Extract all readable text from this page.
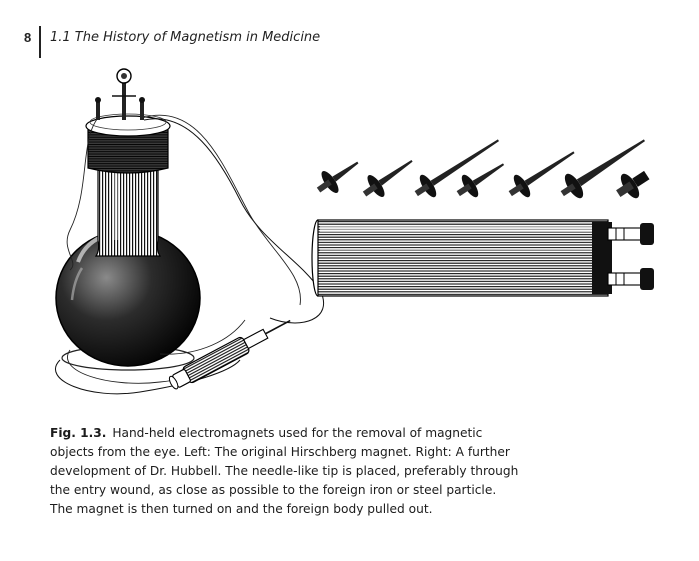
8 1.1 The History of Magnetism in Medicine
Fig. 1.3. Hand-held electromagnets used for the removal of magnetic objects from the eye. Left: The original Hirschberg magnet. Right: A further development of Dr. Hubbell. The needle-like tip is placed, preferably through the entry wound, as close as possible to the foreign iron or steel particle. The magnet is then turned on and the foreign body pulled out.
